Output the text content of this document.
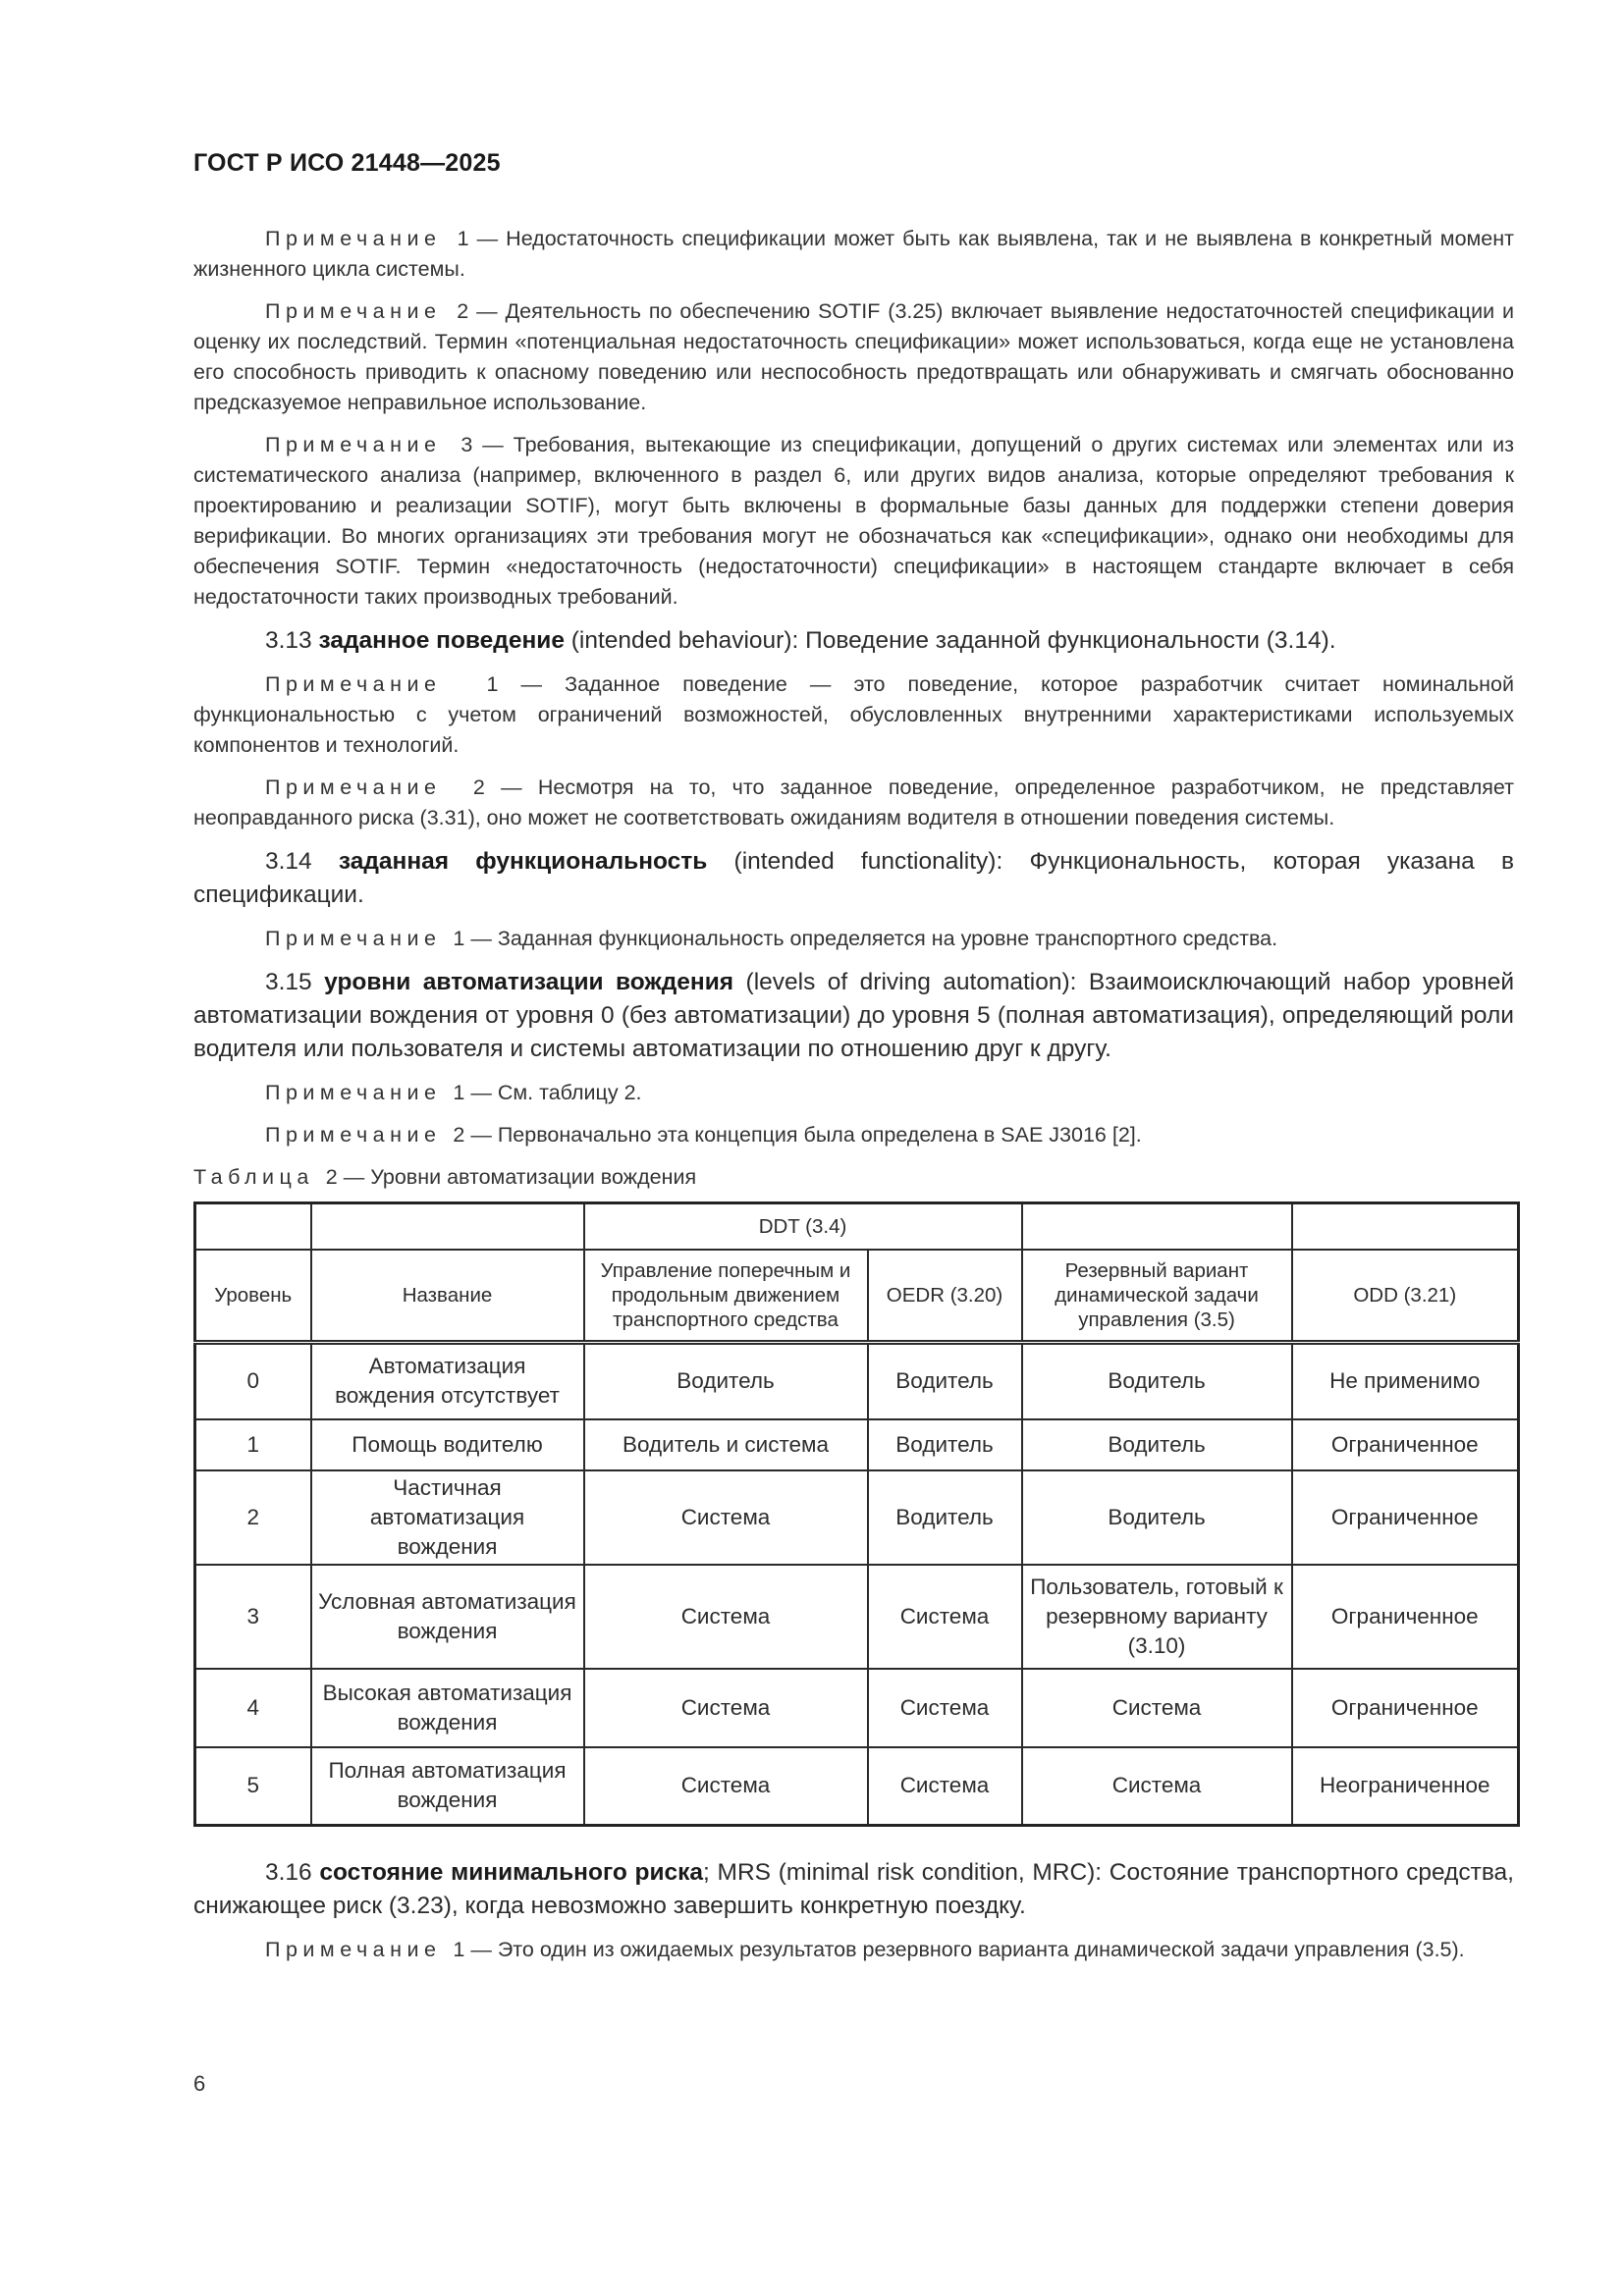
ГОСТ Р ИСО 21448—2025

Примечание 1 — Недостаточность спецификации может быть как выявлена, так и не выявлена в конкретный момент жизненного цикла системы.

Примечание 2 — Деятельность по обеспечению SOTIF (3.25) включает выявление недостаточностей спецификации и оценку их последствий. Термин «потенциальная недостаточность спецификации» может использоваться, когда еще не установлена его способность приводить к опасному поведению или неспособность предотвращать или обнаруживать и смягчать обоснованно предсказуемое неправильное использование.

Примечание 3 — Требования, вытекающие из спецификации, допущений о других системах или элементах или из систематического анализа (например, включенного в раздел 6, или других видов анализа, которые определяют требования к проектированию и реализации SOTIF), могут быть включены в формальные базы данных для поддержки степени доверия верификации. Во многих организациях эти требования могут не обозначаться как «спецификации», однако они необходимы для обеспечения SOTIF. Термин «недостаточность (недостаточности) спецификации» в настоящем стандарте включает в себя недостаточности таких производных требований.

3.13 заданное поведение (intended behaviour): Поведение заданной функциональности (3.14).

Примечание 1 — Заданное поведение — это поведение, которое разработчик считает номинальной функциональностью с учетом ограничений возможностей, обусловленных внутренними характеристиками используемых компонентов и технологий.

Примечание 2 — Несмотря на то, что заданное поведение, определенное разработчиком, не представляет неоправданного риска (3.31), оно может не соответствовать ожиданиям водителя в отношении поведения системы.

3.14 заданная функциональность (intended functionality): Функциональность, которая указана в спецификации.

Примечание 1 — Заданная функциональность определяется на уровне транспортного средства.

3.15 уровни автоматизации вождения (levels of driving automation): Взаимоисключающий набор уровней автоматизации вождения от уровня 0 (без автоматизации) до уровня 5 (полная автоматизация), определяющий роли водителя или пользователя и системы автоматизации по отношению друг к другу.

Примечание 1 — См. таблицу 2.

Примечание 2 — Первоначально эта концепция была определена в SAE J3016 [2].

Таблица 2 — Уровни автоматизации вождения

		DDT (3.4)			
Уровень	Название	Управление поперечным и продольным движением транспортного средства	OEDR (3.20)	Резервный вариант динамической задачи управления (3.5)	ODD (3.21)
0	Автоматизация вождения отсутствует	Водитель	Водитель	Водитель	Не применимо
1	Помощь водителю	Водитель и система	Водитель	Водитель	Ограниченное
2	Частичная автоматизация вождения	Система	Водитель	Водитель	Ограниченное
3	Условная автоматизация вождения	Система	Система	Пользователь, готовый к резервному варианту (3.10)	Ограниченное
4	Высокая автоматизация вождения	Система	Система	Система	Ограниченное
5	Полная автоматизация вождения	Система	Система	Система	Неограниченное

3.16 состояние минимального риска; MRS (minimal risk condition, MRC): Состояние транспортного средства, снижающее риск (3.23), когда невозможно завершить конкретную поездку.

Примечание 1 — Это один из ожидаемых результатов резервного варианта динамической задачи управления (3.5).

6
